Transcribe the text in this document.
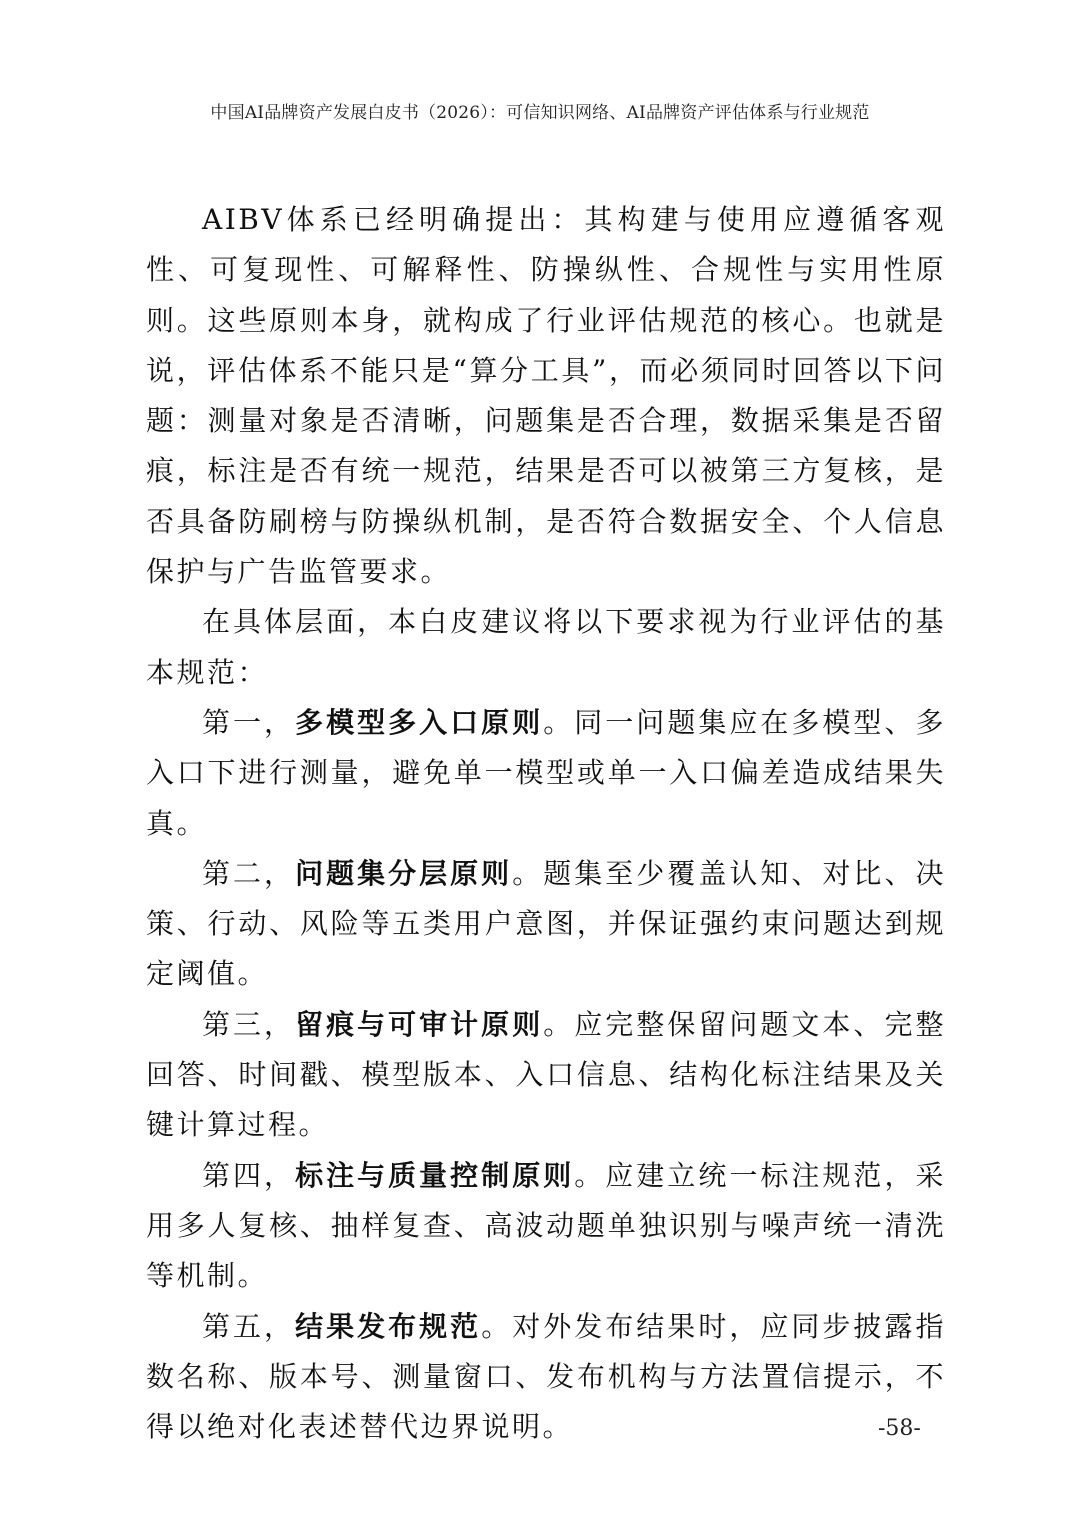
中国AI品牌资产发展白皮书（2026）：可信知识网络、AI品牌资产评估体系与行业规范

AIBV体系已经明确提出：其构建与使用应遵循客观性、可复现性、可解释性、防操纵性、合规性与实用性原则。这些原则本身，就构成了行业评估规范的核心。也就是说，评估体系不能只是“算分工具”，而必须同时回答以下问题：测量对象是否清晰，问题集是否合理，数据采集是否留痕，标注是否有统一规范，结果是否可以被第三方复核，是否具备防刷榜与防操纵机制，是否符合数据安全、个人信息保护与广告监管要求。

在具体层面，本白皮建议将以下要求视为行业评估的基本规范：

第一，多模型多入口原则。同一问题集应在多模型、多入口下进行测量，避免单一模型或单一入口偏差造成结果失真。

第二，问题集分层原则。题集至少覆盖认知、对比、决策、行动、风险等五类用户意图，并保证强约束问题达到规定阈值。

第三，留痕与可审计原则。应完整保留问题文本、完整回答、时间戳、模型版本、入口信息、结构化标注结果及关键计算过程。

第四，标注与质量控制原则。应建立统一标注规范，采用多人复核、抽样复查、高波动题单独识别与噪声统一清洗等机制。

第五，结果发布规范。对外发布结果时，应同步披露指数名称、版本号、测量窗口、发布机构与方法置信提示，不得以绝对化表述替代边界说明。	-58-
